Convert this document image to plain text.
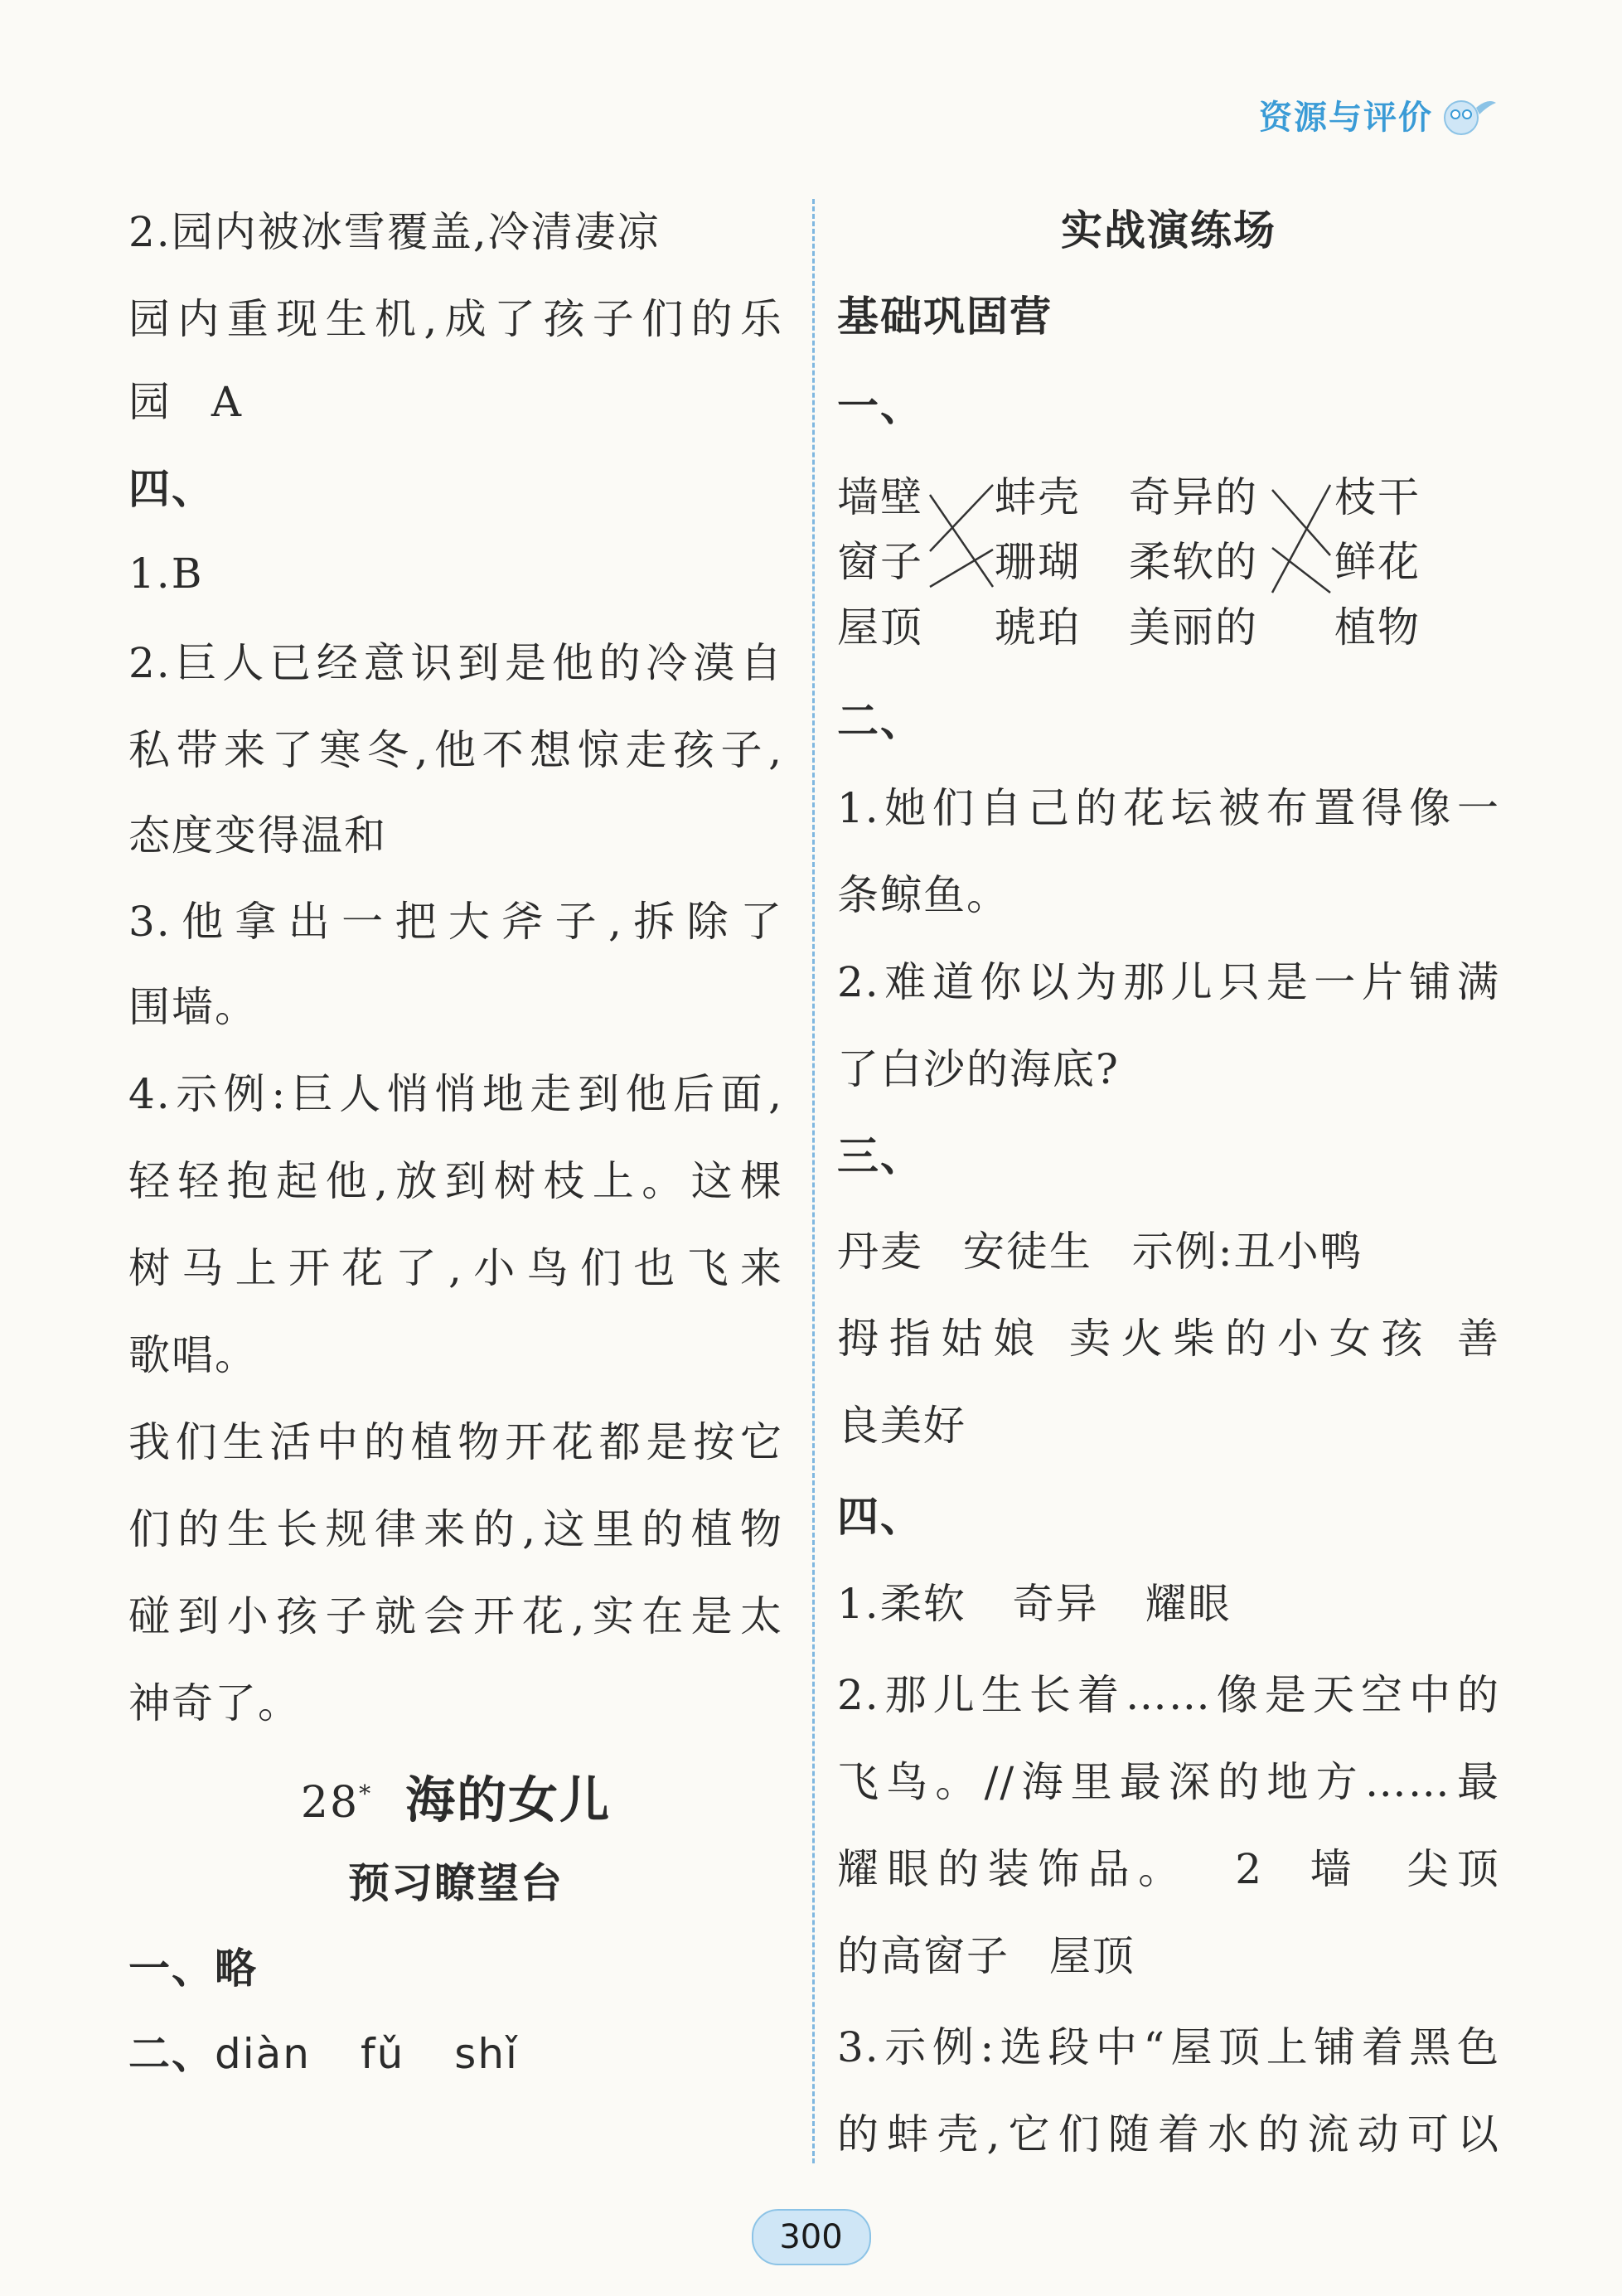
资源与评价
2.园内被冰雪覆盖,冷清凄凉
园内重现生机,成了孩子们的乐
园 A
四、
1.B
2.巨人已经意识到是他的冷漠自
私带来了寒冬,他不想惊走孩子,
态度变得温和
3.他拿出一把大斧子,拆除了
围墙。
4.示例:巨人悄悄地走到他后面,
轻轻抱起他,放到树枝上。这棵
树马上开花了,小鸟们也飞来
歌唱。
我们生活中的植物开花都是按它
们的生长规律来的,这里的植物
碰到小孩子就会开花,实在是太
神奇了。
28* 海的女儿
预习瞭望台
一、略
二、diàn fǔ shǐ
实战演练场
基础巩固营
一、
墙壁
窗子
屋顶
蚌壳
珊瑚
琥珀
奇异的
柔软的
美丽的
枝干
鲜花
植物
二、
1.她们自己的花坛被布置得像一
条鲸鱼。
2.难道你以为那儿只是一片铺满
了白沙的海底?
三、
丹麦 安徒生 示例:丑小鸭
拇指姑娘 卖火柴的小女孩 善
良美好
四、
1.柔软 奇异 耀眼
2.那儿生长着……像是天空中的
飞鸟。//海里最深的地方……最
耀眼的装饰品。 2 墙 尖顶
的高窗子 屋顶
3.示例:选段中“屋顶上铺着黑色
的蚌壳,它们随着水的流动可以
300
